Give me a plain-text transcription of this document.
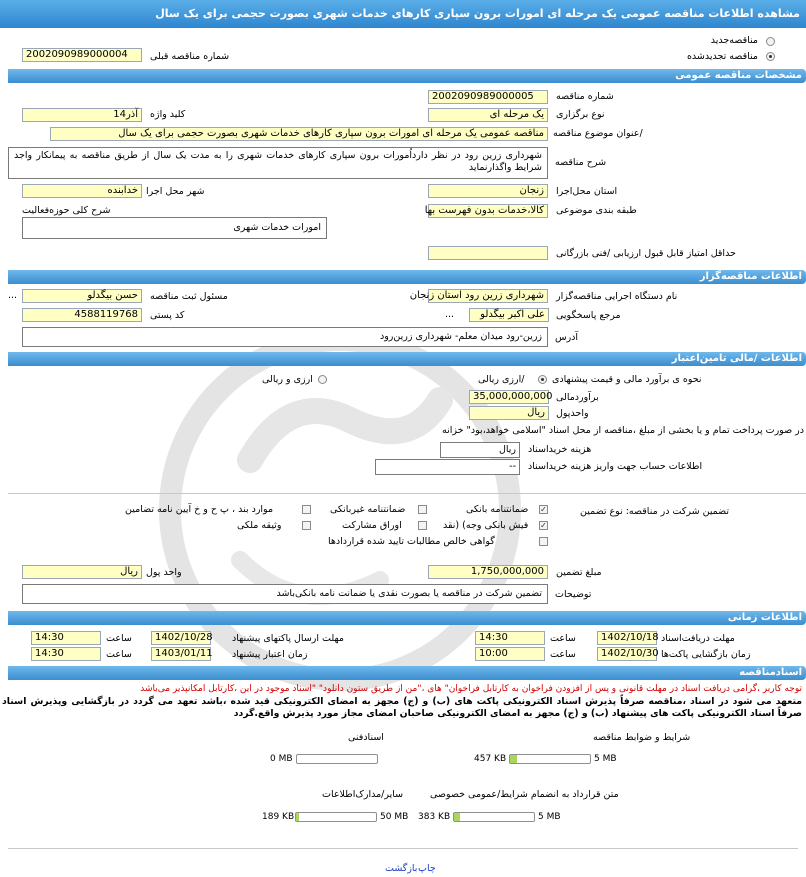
مشاهده اطلاعات مناقصه عمومی یک مرحله ای امورات برون سپاری کارهای خدمات شهری بصورت حجمی برای یک سال
مناقصه‌جدید
مناقصه تجدیدشده
شماره مناقصه قبلی
2002090989000004
مشخصات مناقصه عمومی
2002090989000005	شماره مناقصه
یک مرحله ای	نوع برگزاری
آذر14	کلید واژه
مناقصه عمومی یک مرحله ای امورات برون سپاری کارهای خدمات شهری بصورت حجمی برای یک سال /عنوان موضوع مناقصه
شهرداری زرین رود در نظر دارداُمورات برون سپاری کارهای خدمات شهری را به مدت یک سال از طریق مناقصه به پیمانکار واجد شرایط واگذارنماید	شرح مناقصه
زنجان	استان محل‌اجرا
خدابنده شهر محل اجرا
کالا،خدمات بدون فهرست بها	طبقه بندی موضوعی
شرح کلی حوزه‌فعالیت
امورات خدمات شهری
حداقل امتیاز قابل قبول ارزیابی /فنی بازرگانی
اطلاعات مناقصه‌گزار
شهرداری زرین رود استان زنجان	نام دستگاه اجرایی مناقصه‌گزار
...	حسن بیگدلو	مسئول ثبت مناقصه
...	علی اکبر بیگدلو	مرجع پاسخگویی
4588119768	کد پستی
زرین-رود میدان معلم- شهرداری زرین‌رود	آدرس
اطلاعات /مالی تامین‌اعتبار
نحوه ی برآورد مالی و قیمت پیشنهادی
/ارزی ریالی
ارزی و ریالی
35,000,000,000 برآوردمالی
ریال	واحدپول
در صورت پرداخت تمام و یا بخشی از مبلغ ،مناقصه از محل اسناد "اسلامی خواهد،بود" خزانه
ریال	هزینه خرید‌اسناد
--	اطلاعات حساب جهت واریز هزینه خرید‌اسناد
تضمین شرکت در مناقصه: نوع تضمین
✓
ضمانتنامه بانکی
ضمانتنامه غیربانکی
موارد بند ، پ ح و خ آیین نامه تضامین
✓
فیش بانکی وجه) (نقد
اوراق مشارکت
وثیقه ملکی
گواهی خالص مطالبات تایید شده قراردادها
1,750,000,000	مبلغ تضمین
ریال واحد پول
تضمین شرکت در مناقصه یا بصورت نقدی یا ضمانت نامه بانکی‌باشد	توضیحات
اطلاعات زمانی
1402/10/18 مهلت دریافت‌اسناد
14:30	ساعت
1402/10/28 مهلت ارسال پاکتهای پیشنهاد
14:30	ساعت
1402/10/30 زمان بازگشایی پاکت‌ها
10:00	ساعت
1403/01/11 زمان اعتبار پیشنهاد
14:30	ساعت
اسنادمناقصه
توجه کاربر ،گرامی دریافت اسناد در مهلت قانونی و پس از افزودن فراخوان به کارتابل فراخوان" های ،"من از طریق ستون دانلود" "اسناد موجود در این ،کارتابل امکانپذیر می‌باشد
متعهد می شود در اسناد ،مناقصه صرفاً پذیرش اسناد الکترونیکی پاکت های (ب) و (ج) مجهز به امضای الکترونیکی قید شده ،باشد تعهد می گردد در بازگشایی وپذیرش اسناد صرفاً اسناد الکترونیکی پاکت های پیشنهاد (ب) و (ج) مجهز به امضای الکترونیکی صاحبان امضای مجاز مورد پذیرش واقع.گردد
شرایط و ضوابط مناقصه
457 KB	5 MB
اسنادفنی
0 MB
متن قرارداد به انضمام شرایط/عمومی خصوصی
383 KB	5 MB
سایر/مدارک‌اطلاعات
189 KB	50 MB
چاپ
بازگشت
